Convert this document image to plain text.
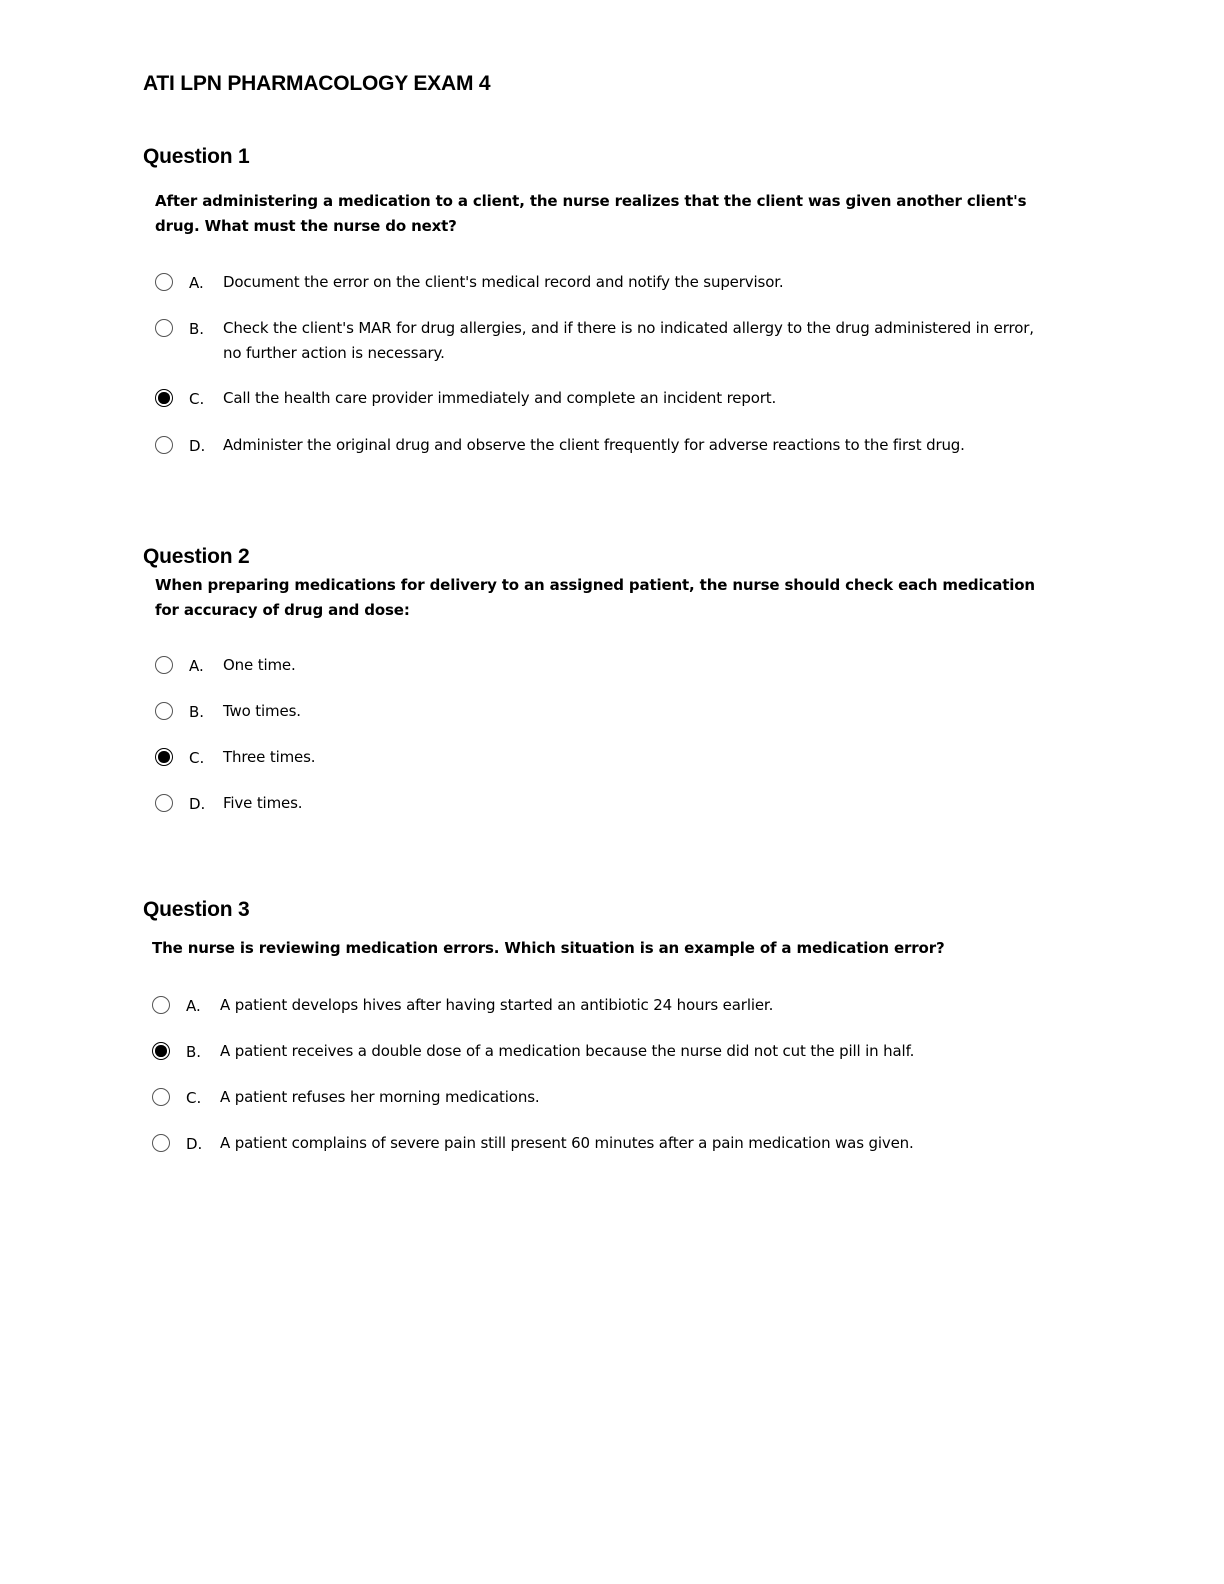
ATI LPN PHARMACOLOGY EXAM 4
Question 1
After administering a medication to a client, the nurse realizes that the client was given another client's drug. What must the nurse do next?
A. Document the error on the client's medical record and notify the supervisor.
B. Check the client's MAR for drug allergies, and if there is no indicated allergy to the drug administered in error, no further action is necessary.
C. Call the health care provider immediately and complete an incident report.
D. Administer the original drug and observe the client frequently for adverse reactions to the first drug.
Question 2
When preparing medications for delivery to an assigned patient, the nurse should check each medication for accuracy of drug and dose:
A. One time.
B. Two times.
C. Three times.
D. Five times.
Question 3
The nurse is reviewing medication errors. Which situation is an example of a medication error?
A. A patient develops hives after having started an antibiotic 24 hours earlier.
B. A patient receives a double dose of a medication because the nurse did not cut the pill in half.
C. A patient refuses her morning medications.
D. A patient complains of severe pain still present 60 minutes after a pain medication was given.
